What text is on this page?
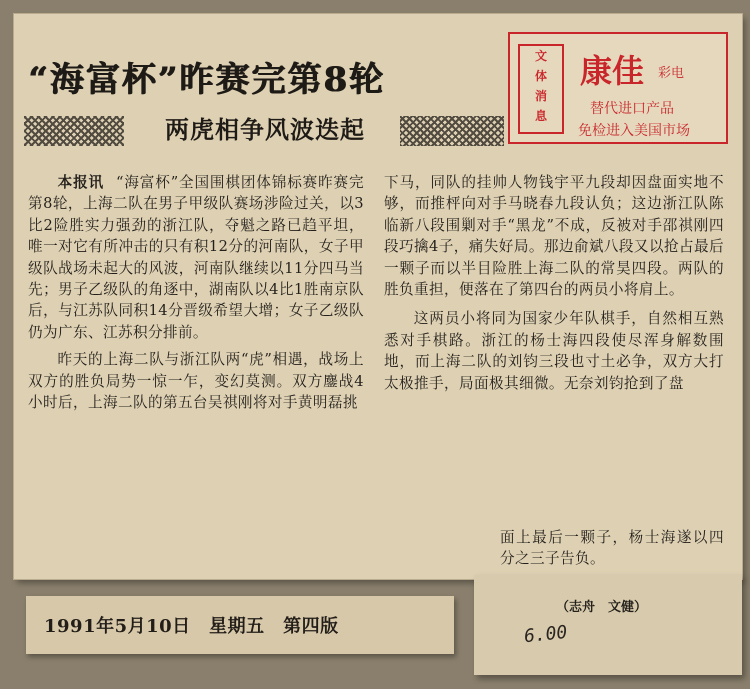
“海富杯”昨赛完第8轮
两虎相争风波迭起
文
体
消
息
康佳 彩电
替代进口产品
免检进入美国市场
本报讯 “海富杯”全国围棋团体锦标赛昨赛完第8轮，上海二队在男子甲级队赛场涉险过关，以3比2险胜实力强劲的浙江队，夺魁之路已趋平坦，唯一对它有所冲击的只有积12分的河南队，女子甲级队战场未起大的风波，河南队继续以11分四马当先；男子乙级队的角逐中，湖南队以4比1胜南京队后，与江苏队同积14分晋级希望大增；女子乙级队仍为广东、江苏积分排前。
昨天的上海二队与浙江队两“虎”相遇，战场上双方的胜负局势一惊一乍，变幻莫测。双方鏖战4小时后，上海二队的第五台吴祺刚将对手黄明磊挑
下马，同队的挂帅人物钱宇平九段却因盘面实地不够，而推枰向对手马晓春九段认负；这边浙江队陈临新八段围剿对手“黑龙”不成，反被对手邵祺刚四段巧擒4子，痛失好局。那边俞斌八段又以抢占最后一颗子而以半目险胜上海二队的常昊四段。两队的胜负重担，便落在了第四台的两员小将肩上。
这两员小将同为国家少年队棋手，自然相互熟悉对手棋路。浙江的杨士海四段使尽浑身解数围地，而上海二队的刘钧三段也寸土必争，双方大打太极推手，局面极其细微。无奈刘钧抢到了盘
面上最后一颗子，杨士海遂以四分之三子告负。
（志舟　文健）
6.00
1991年5月10日　星期五　第四版
